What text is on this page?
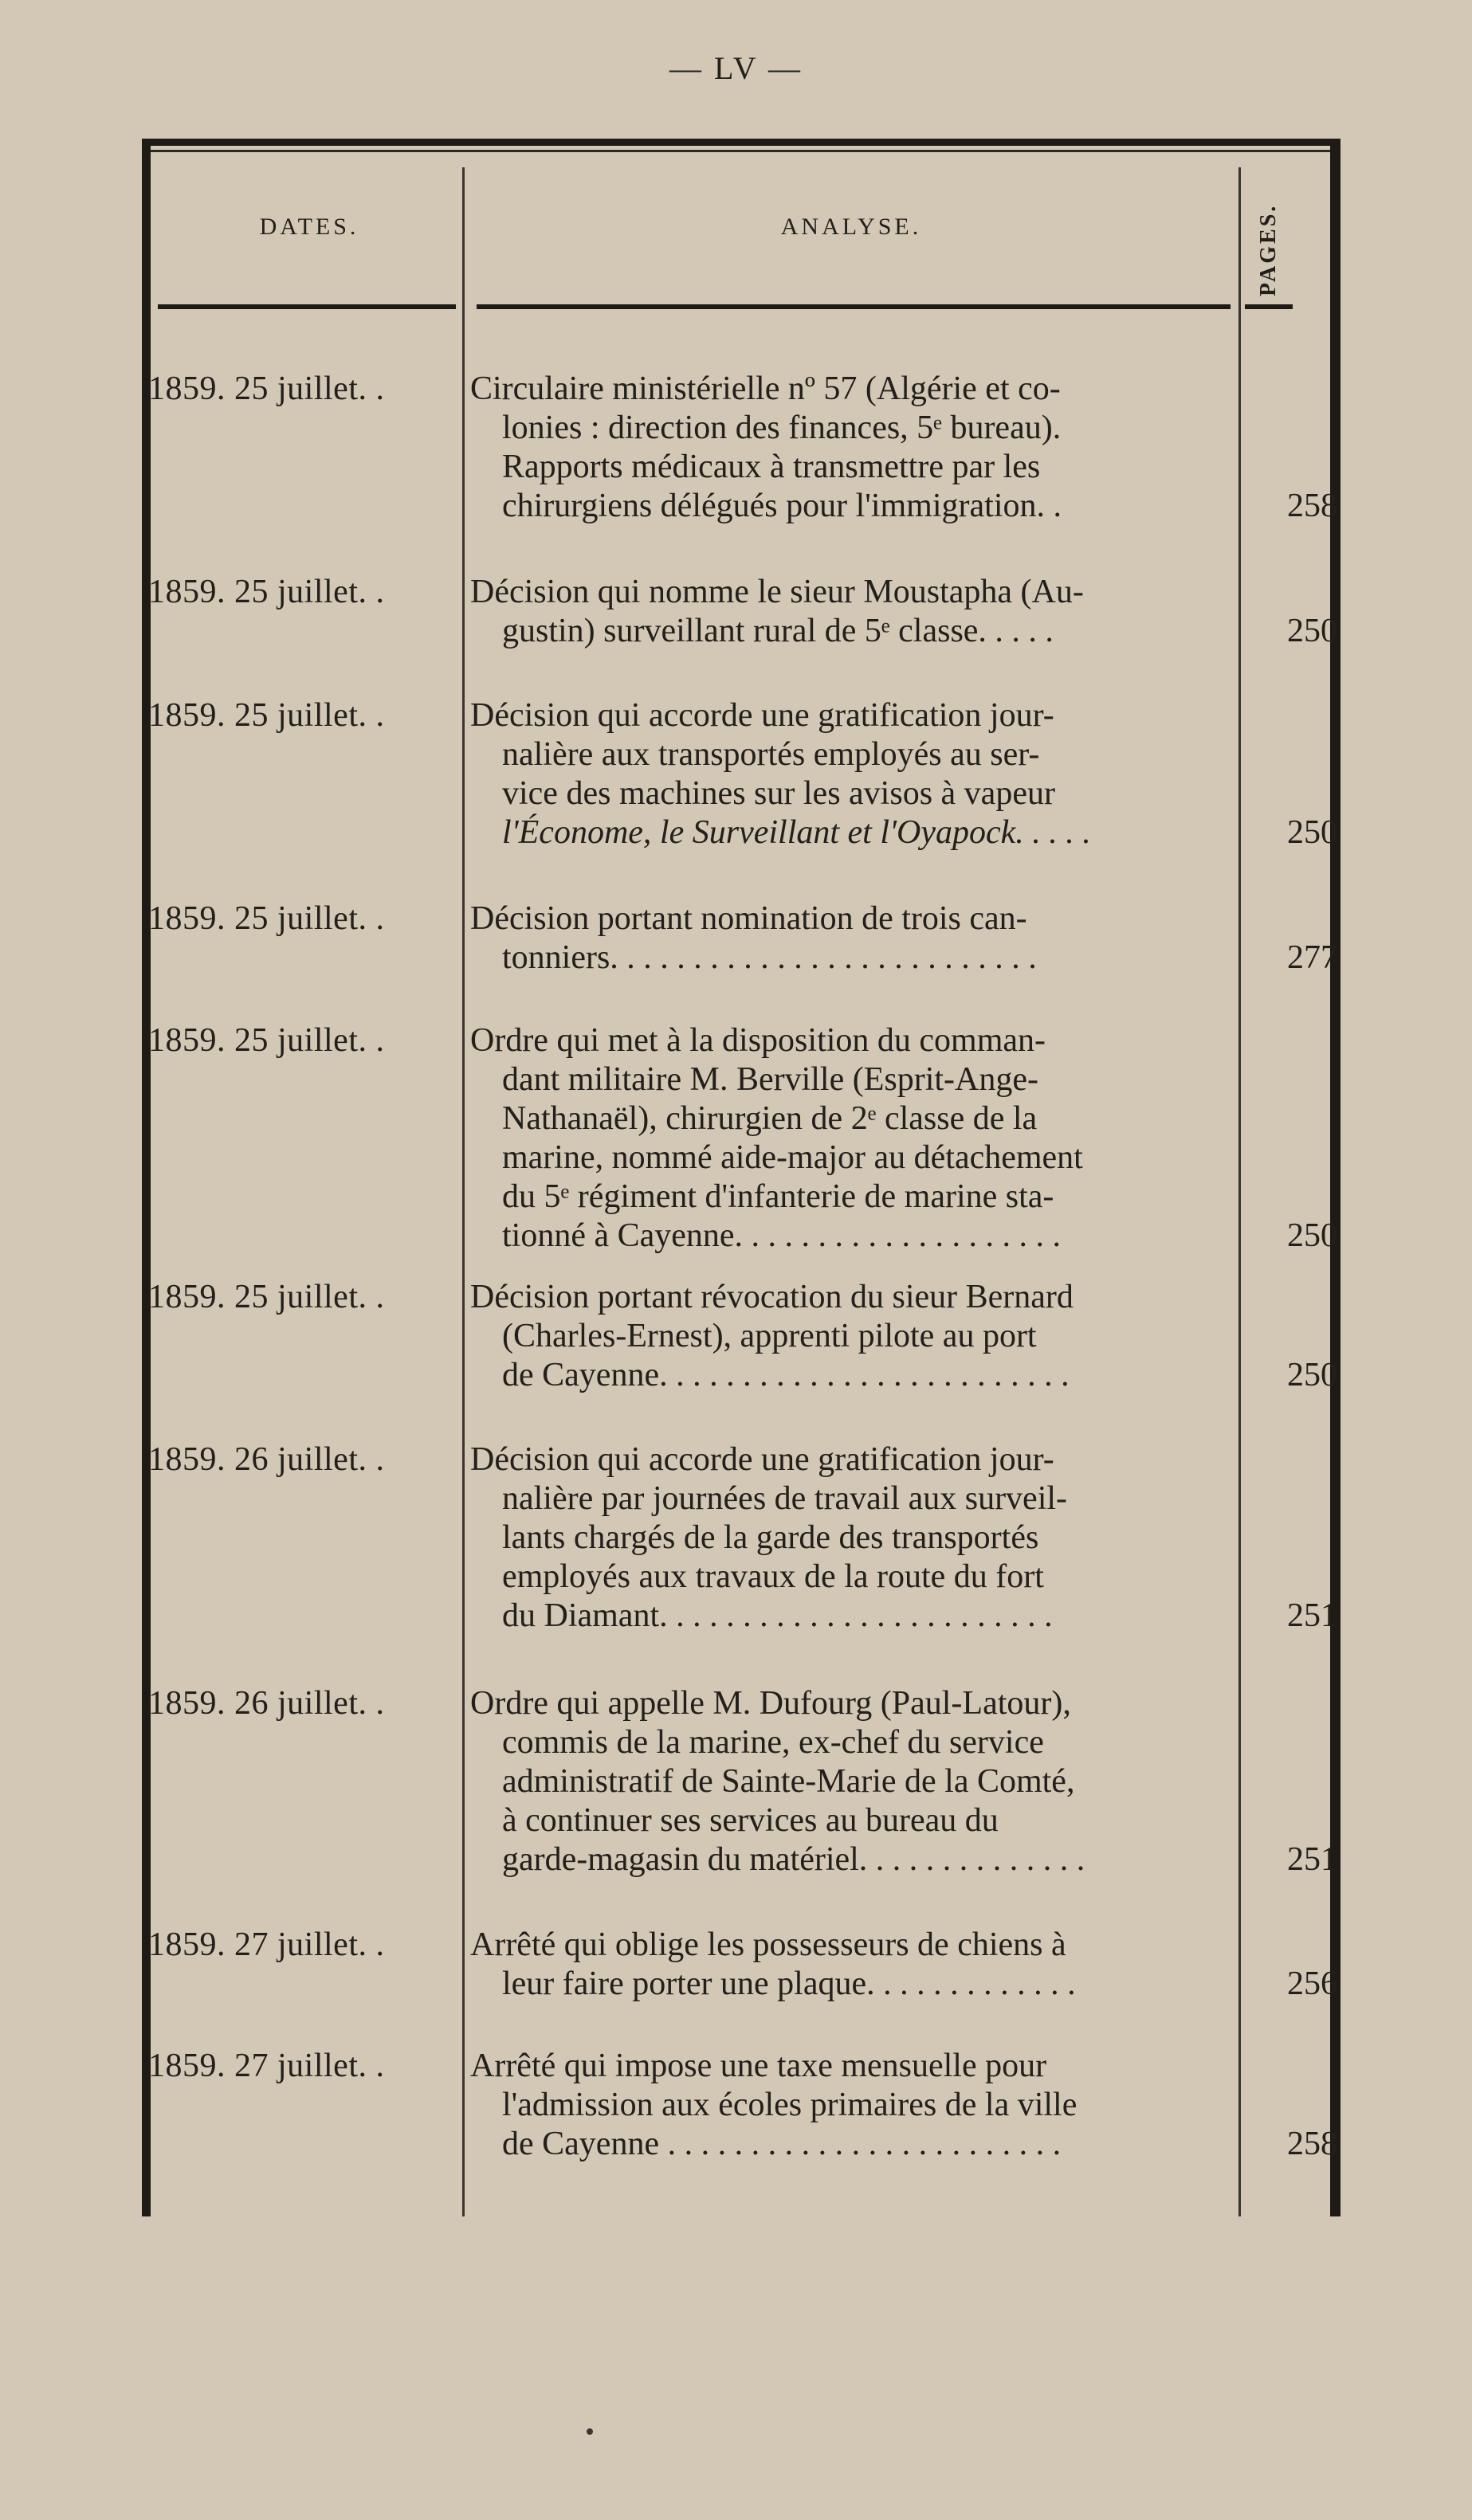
— LV —
DATES.	ANALYSE.	PAGES.
1859. 25 juillet. .	Circulaire ministérielle nº 57 (Algérie et co-
lonies : direction des finances, 5ᵉ bureau).
Rapports médicaux à transmettre par les
chirurgiens délégués pour l'immigration. .	258
1859. 25 juillet. .	Décision qui nomme le sieur Moustapha (Au-
gustin) surveillant rural de 5ᵉ classe. . . . .	250
1859. 25 juillet. .	Décision qui accorde une gratification jour-
nalière aux transportés employés au ser-
vice des machines sur les avisos à vapeur
l'Économe, le Surveillant et l'Oyapock. . . . .	250
1859. 25 juillet. .	Décision portant nomination de trois can-
tonniers. . . . . . . . . . . . . . . . . . . . . . . . . .	277
1859. 25 juillet. .	Ordre qui met à la disposition du comman-
dant militaire M. Berville (Esprit-Ange-
Nathanaël), chirurgien de 2ᵉ classe de la
marine, nommé aide-major au détachement
du 5ᵉ régiment d'infanterie de marine sta-
tionné à Cayenne. . . . . . . . . . . . . . . . . . . .	250
1859. 25 juillet. .	Décision portant révocation du sieur Bernard
(Charles-Ernest), apprenti pilote au port
de Cayenne. . . . . . . . . . . . . . . . . . . . . . . . .	250
1859. 26 juillet. .	Décision qui accorde une gratification jour-
nalière par journées de travail aux surveil-
lants chargés de la garde des transportés
employés aux travaux de la route du fort
du Diamant. . . . . . . . . . . . . . . . . . . . . . . .	251
1859. 26 juillet. .	Ordre qui appelle M. Dufourg (Paul-Latour),
commis de la marine, ex-chef du service
administratif de Sainte-Marie de la Comté,
à continuer ses services au bureau du
garde-magasin du matériel. . . . . . . . . . . . . .	251
1859. 27 juillet. .	Arrêté qui oblige les possesseurs de chiens à
leur faire porter une plaque. . . . . . . . . . . . .	256
1859. 27 juillet. .	Arrêté qui impose une taxe mensuelle pour
l'admission aux écoles primaires de la ville
de Cayenne . . . . . . . . . . . . . . . . . . . . . . . .	258
